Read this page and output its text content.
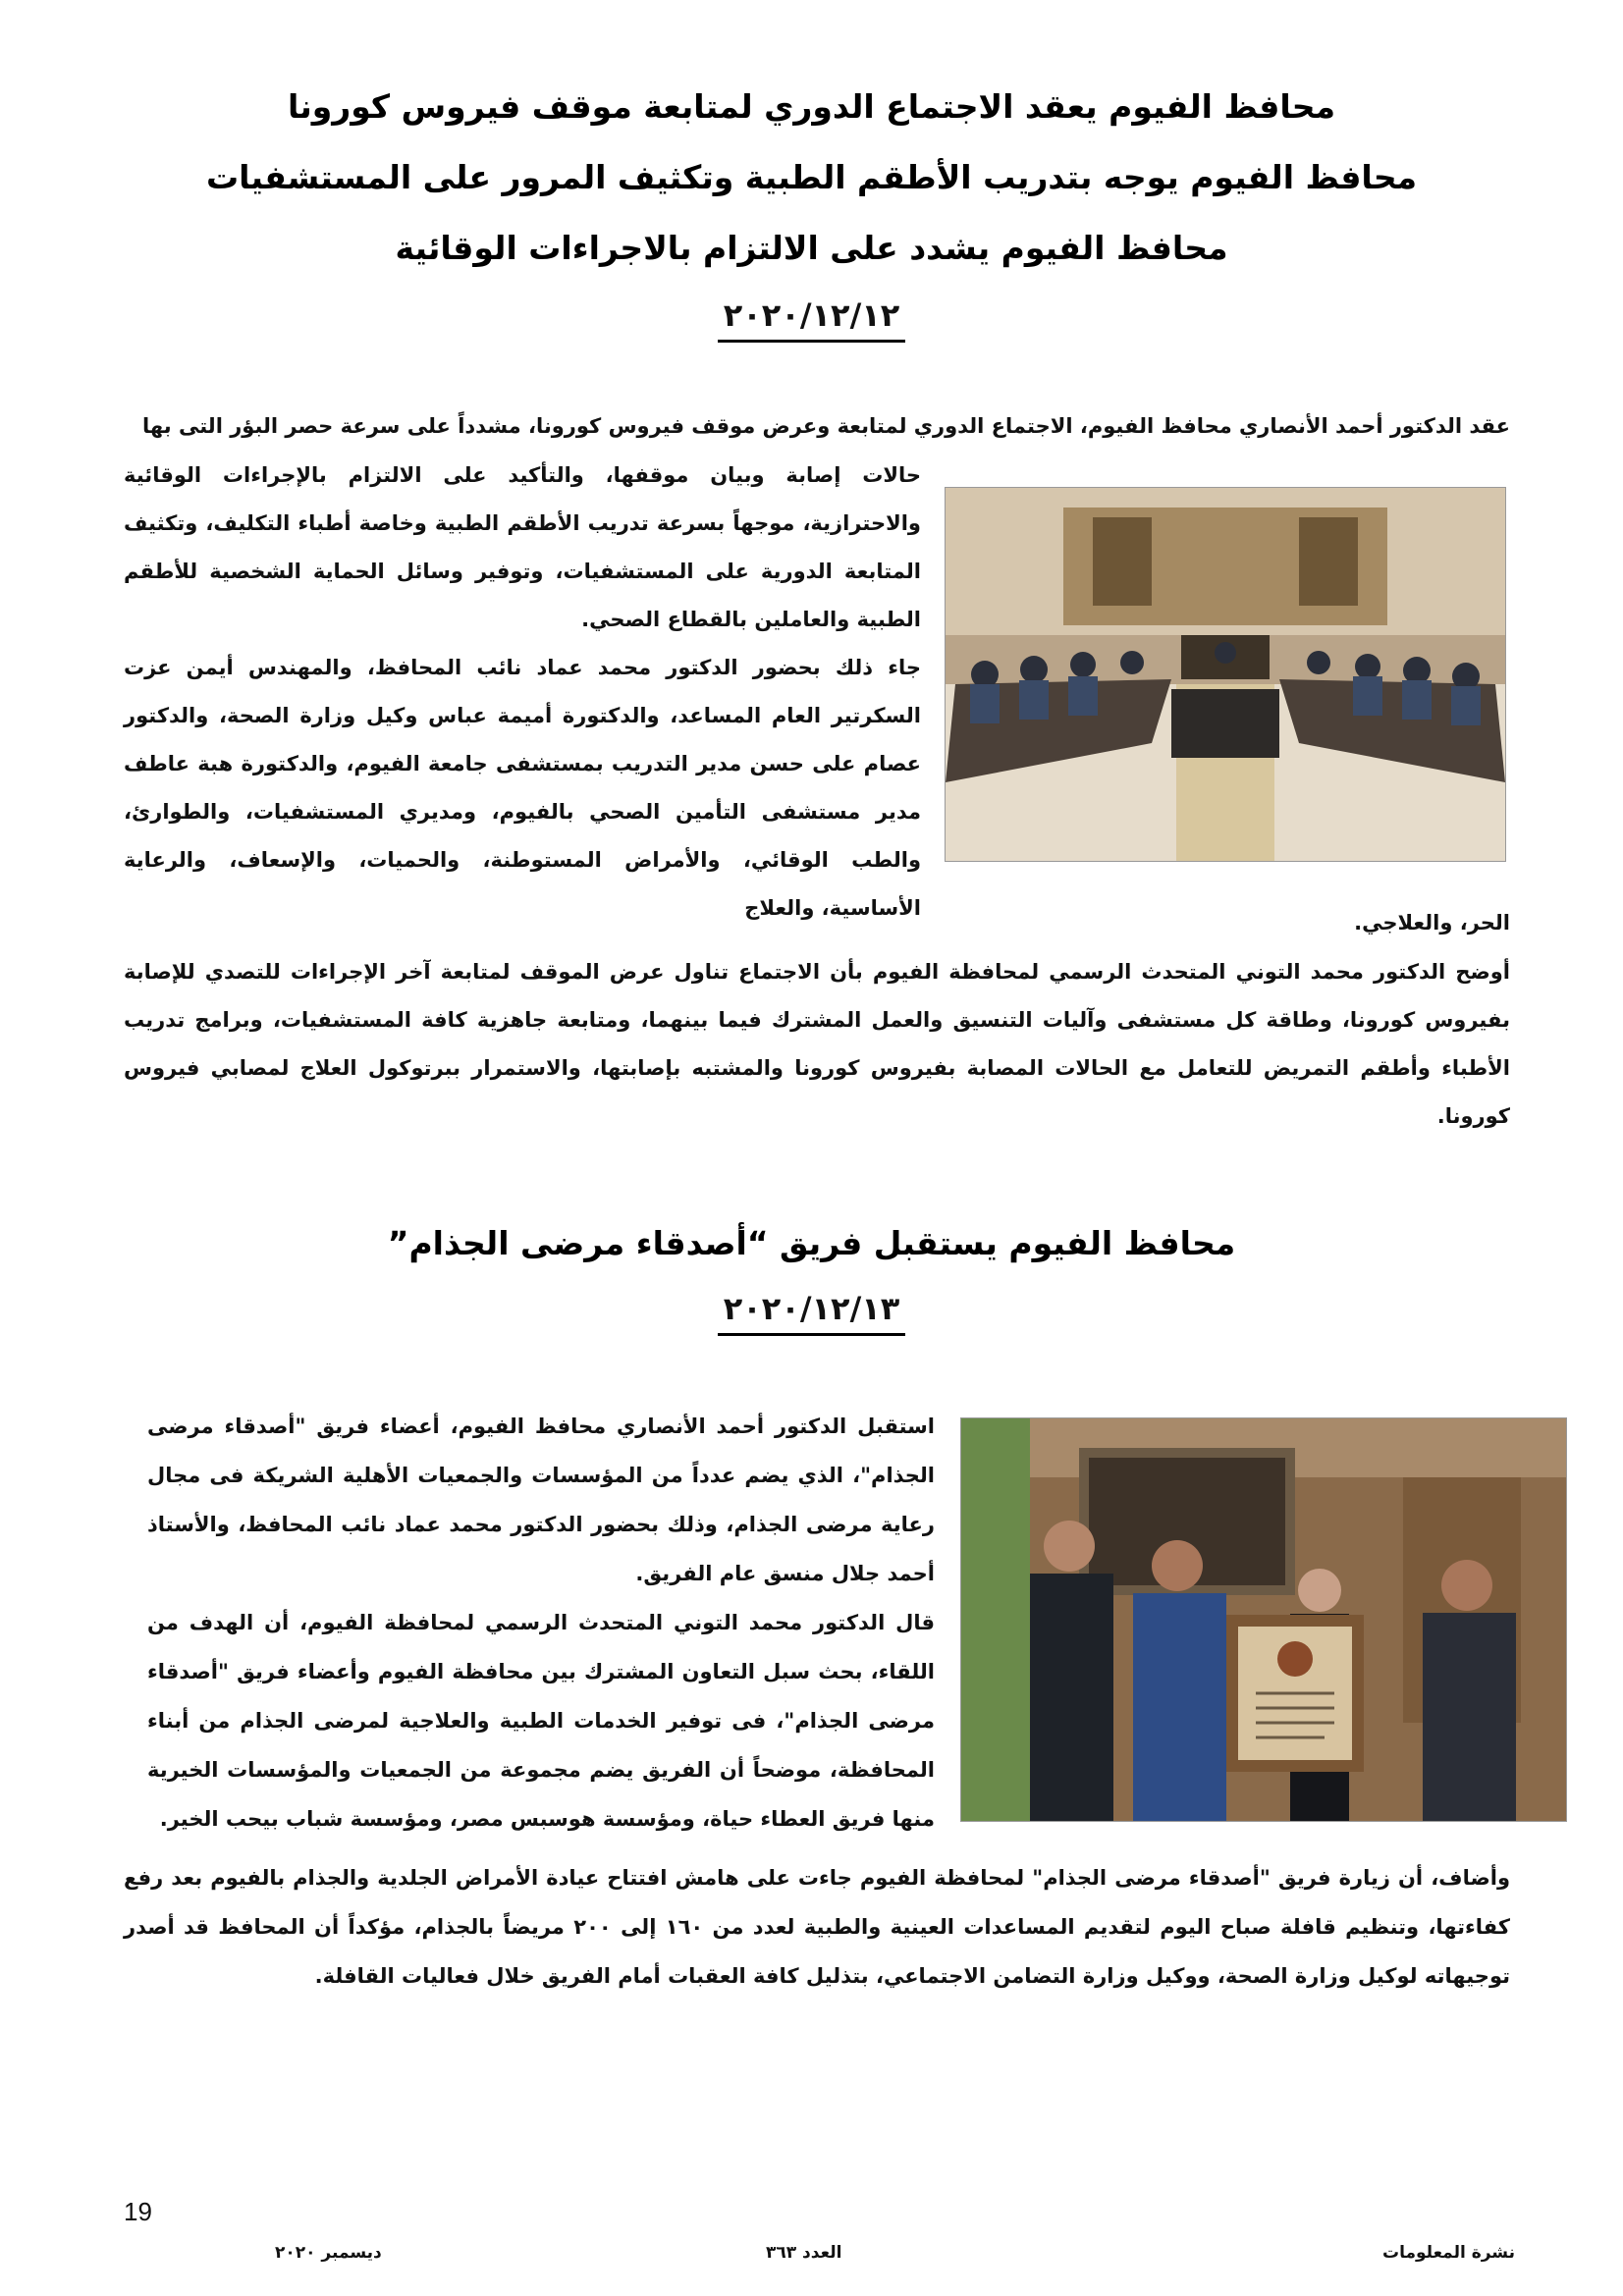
محافظ الفيوم يعقد الاجتماع الدوري لمتابعة موقف فيروس كورونا
محافظ الفيوم يوجه بتدريب الأطقم الطبية وتكثيف المرور على المستشفيات
محافظ الفيوم يشدد على الالتزام بالاجراءات الوقائية
٢٠٢٠/١٢/١٢
عقد الدكتور أحمد الأنصاري محافظ الفيوم، الاجتماع الدوري لمتابعة وعرض موقف فيروس كورونا، مشدداً على سرعة حصر البؤر التى بها
حالات إصابة وبيان موقفها، والتأكيد على الالتزام بالإجراءات الوقائية والاحترازية، موجهاً بسرعة تدريب الأطقم الطبية وخاصة أطباء التكليف، وتكثيف المتابعة الدورية على المستشفيات، وتوفير وسائل الحماية الشخصية للأطقم الطبية والعاملين بالقطاع الصحي.
جاء ذلك بحضور الدكتور محمد عماد نائب المحافظ، والمهندس أيمن عزت السكرتير العام المساعد، والدكتورة أميمة عباس وكيل وزارة الصحة، والدكتور عصام على حسن مدير التدريب بمستشفى جامعة الفيوم، والدكتورة هبة عاطف مدير مستشفى التأمين الصحي بالفيوم، ومديري المستشفيات، والطوارئ، والطب الوقائي، والأمراض المستوطنة، والحميات، والإسعاف، والرعاية الأساسية، والعلاج
الحر، والعلاجي.
أوضح الدكتور محمد التوني المتحدث الرسمي لمحافظة الفيوم بأن الاجتماع تناول عرض الموقف لمتابعة آخر الإجراءات للتصدي للإصابة بفيروس كورونا، وطاقة كل مستشفى وآليات التنسيق والعمل المشترك فيما بينهما، ومتابعة جاهزية كافة المستشفيات، وبرامج تدريب الأطباء وأطقم التمريض للتعامل مع الحالات المصابة بفيروس كورونا والمشتبه بإصابتها، والاستمرار ببرتوكول العلاج لمصابي فيروس كورونا.
محافظ الفيوم يستقبل فريق “أصدقاء مرضى الجذام”
٢٠٢٠/١٢/١٣
استقبل الدكتور أحمد الأنصاري محافظ الفيوم، أعضاء فريق "أصدقاء مرضى الجذام"، الذي يضم عدداً من المؤسسات والجمعيات الأهلية الشريكة فى مجال رعاية مرضى الجذام، وذلك بحضور الدكتور محمد عماد نائب المحافظ، والأستاذ أحمد جلال منسق عام الفريق.
قال الدكتور محمد التوني المتحدث الرسمي لمحافظة الفيوم، أن الهدف من اللقاء، بحث سبل التعاون المشترك بين محافظة الفيوم وأعضاء فريق "أصدقاء مرضى الجذام"، فى توفير الخدمات الطبية والعلاجية لمرضى الجذام من أبناء المحافظة، موضحاً أن الفريق يضم مجموعة من الجمعيات والمؤسسات الخيرية منها فريق العطاء حياة، ومؤسسة هوسبس مصر، ومؤسسة شباب بيحب الخير.
وأضاف، أن زيارة فريق "أصدقاء مرضى الجذام" لمحافظة الفيوم جاءت على هامش افتتاح عيادة الأمراض الجلدية والجذام بالفيوم بعد رفع كفاءتها، وتنظيم قافلة صباح اليوم لتقديم المساعدات العينية والطبية لعدد من ١٦٠ إلى ٢٠٠ مريضاً بالجذام، مؤكداً أن المحافظ قد أصدر توجيهاته لوكيل وزارة الصحة، ووكيل وزارة التضامن الاجتماعي، بتذليل كافة العقبات أمام الفريق خلال فعاليات القافلة.
19
نشرة المعلومات
العدد ٣٦٣
ديسمبر ٢٠٢٠
